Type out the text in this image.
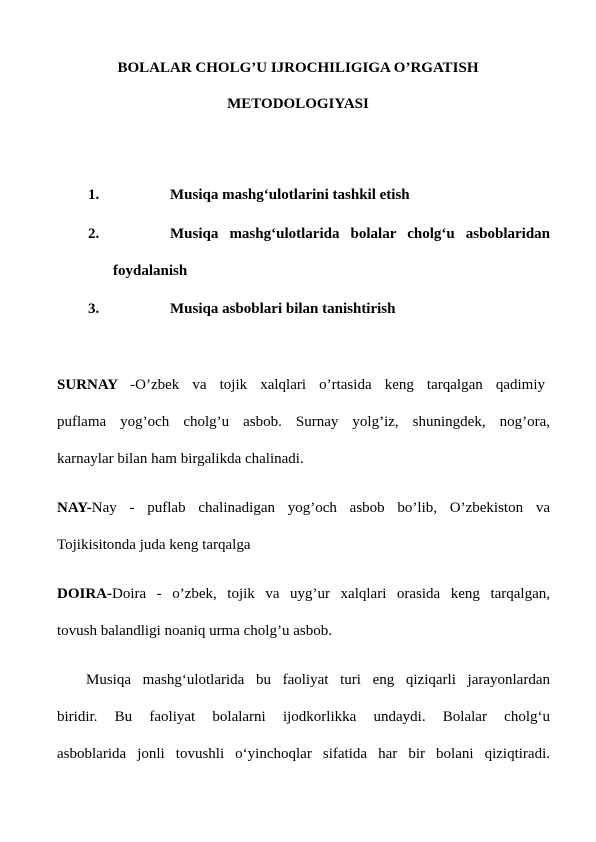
BOLALAR CHOLG’U IJROCHILIGIGA O’RGATISH
METODOLOGIYASI
1.	Musiqa mashg‘ulotlarini tashkil etish
2.	Musiqa mashg‘ulotlarida bolalar cholg‘u asboblaridan
foydalanish
3.	Musiqa asboblari bilan tanishtirish
SURNAY -O’zbek va tojik xalqlari o’rtasida keng tarqalgan qadimiy
puflama yog’och cholg’u asbob. Surnay yolg’iz, shuningdek, nog’ora,
karnaylar bilan ham birgalikda chalinadi.
NAY- Nay - puflab chalinadigan yog’och asbob bo’lib, O’zbekiston va
Tojikisitonda juda keng tarqalga
DOIRA- Doira - o’zbek, tojik va uyg’ur xalqlari orasida keng tarqalgan,
tovush balandligi noaniq urma cholg’u asbob.
Musiqa mashg‘ulotlarida bu faoliyat turi eng qiziqarli jarayonlardan
biridir. Bu faoliyat bolalarni ijodkorlikka undaydi. Bolalar cholg‘u
asboblarida jonli tovushli o‘yinchoqlar sifatida har bir bolani qiziqtiradi.
